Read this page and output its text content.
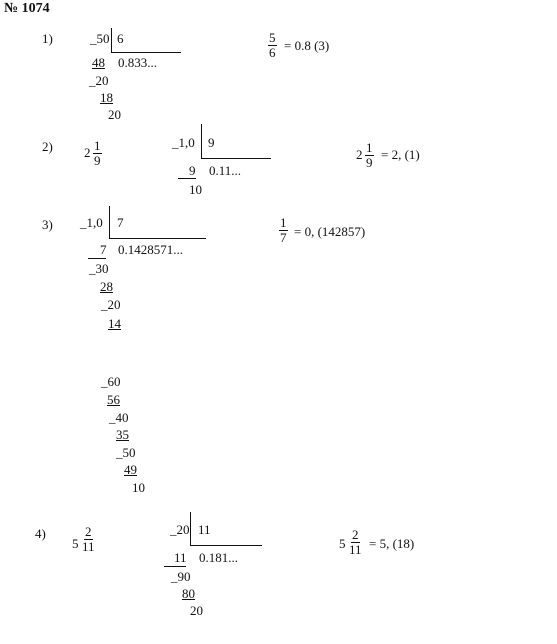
№ 1074
1)	_50 6
0.833...
48
_20
18
20
$\frac{5}{6} = 0.8$ (3)
2) $2 \frac{1}{9}$	_1,0 9
9 0.11...
10
$2 \frac{1}{9} = 2$, (1)
3) _1,0 7
7 0.1428571...
_30
28
_20
14
_60
56
_40
35
_50
49
10
$\frac{1}{7} = 0$, (142857)
4)
$5 \frac{2}{11}$	_20 11
11 0.181...
_90
80
20
$5 \frac{2}{11} = 5$, (18)
